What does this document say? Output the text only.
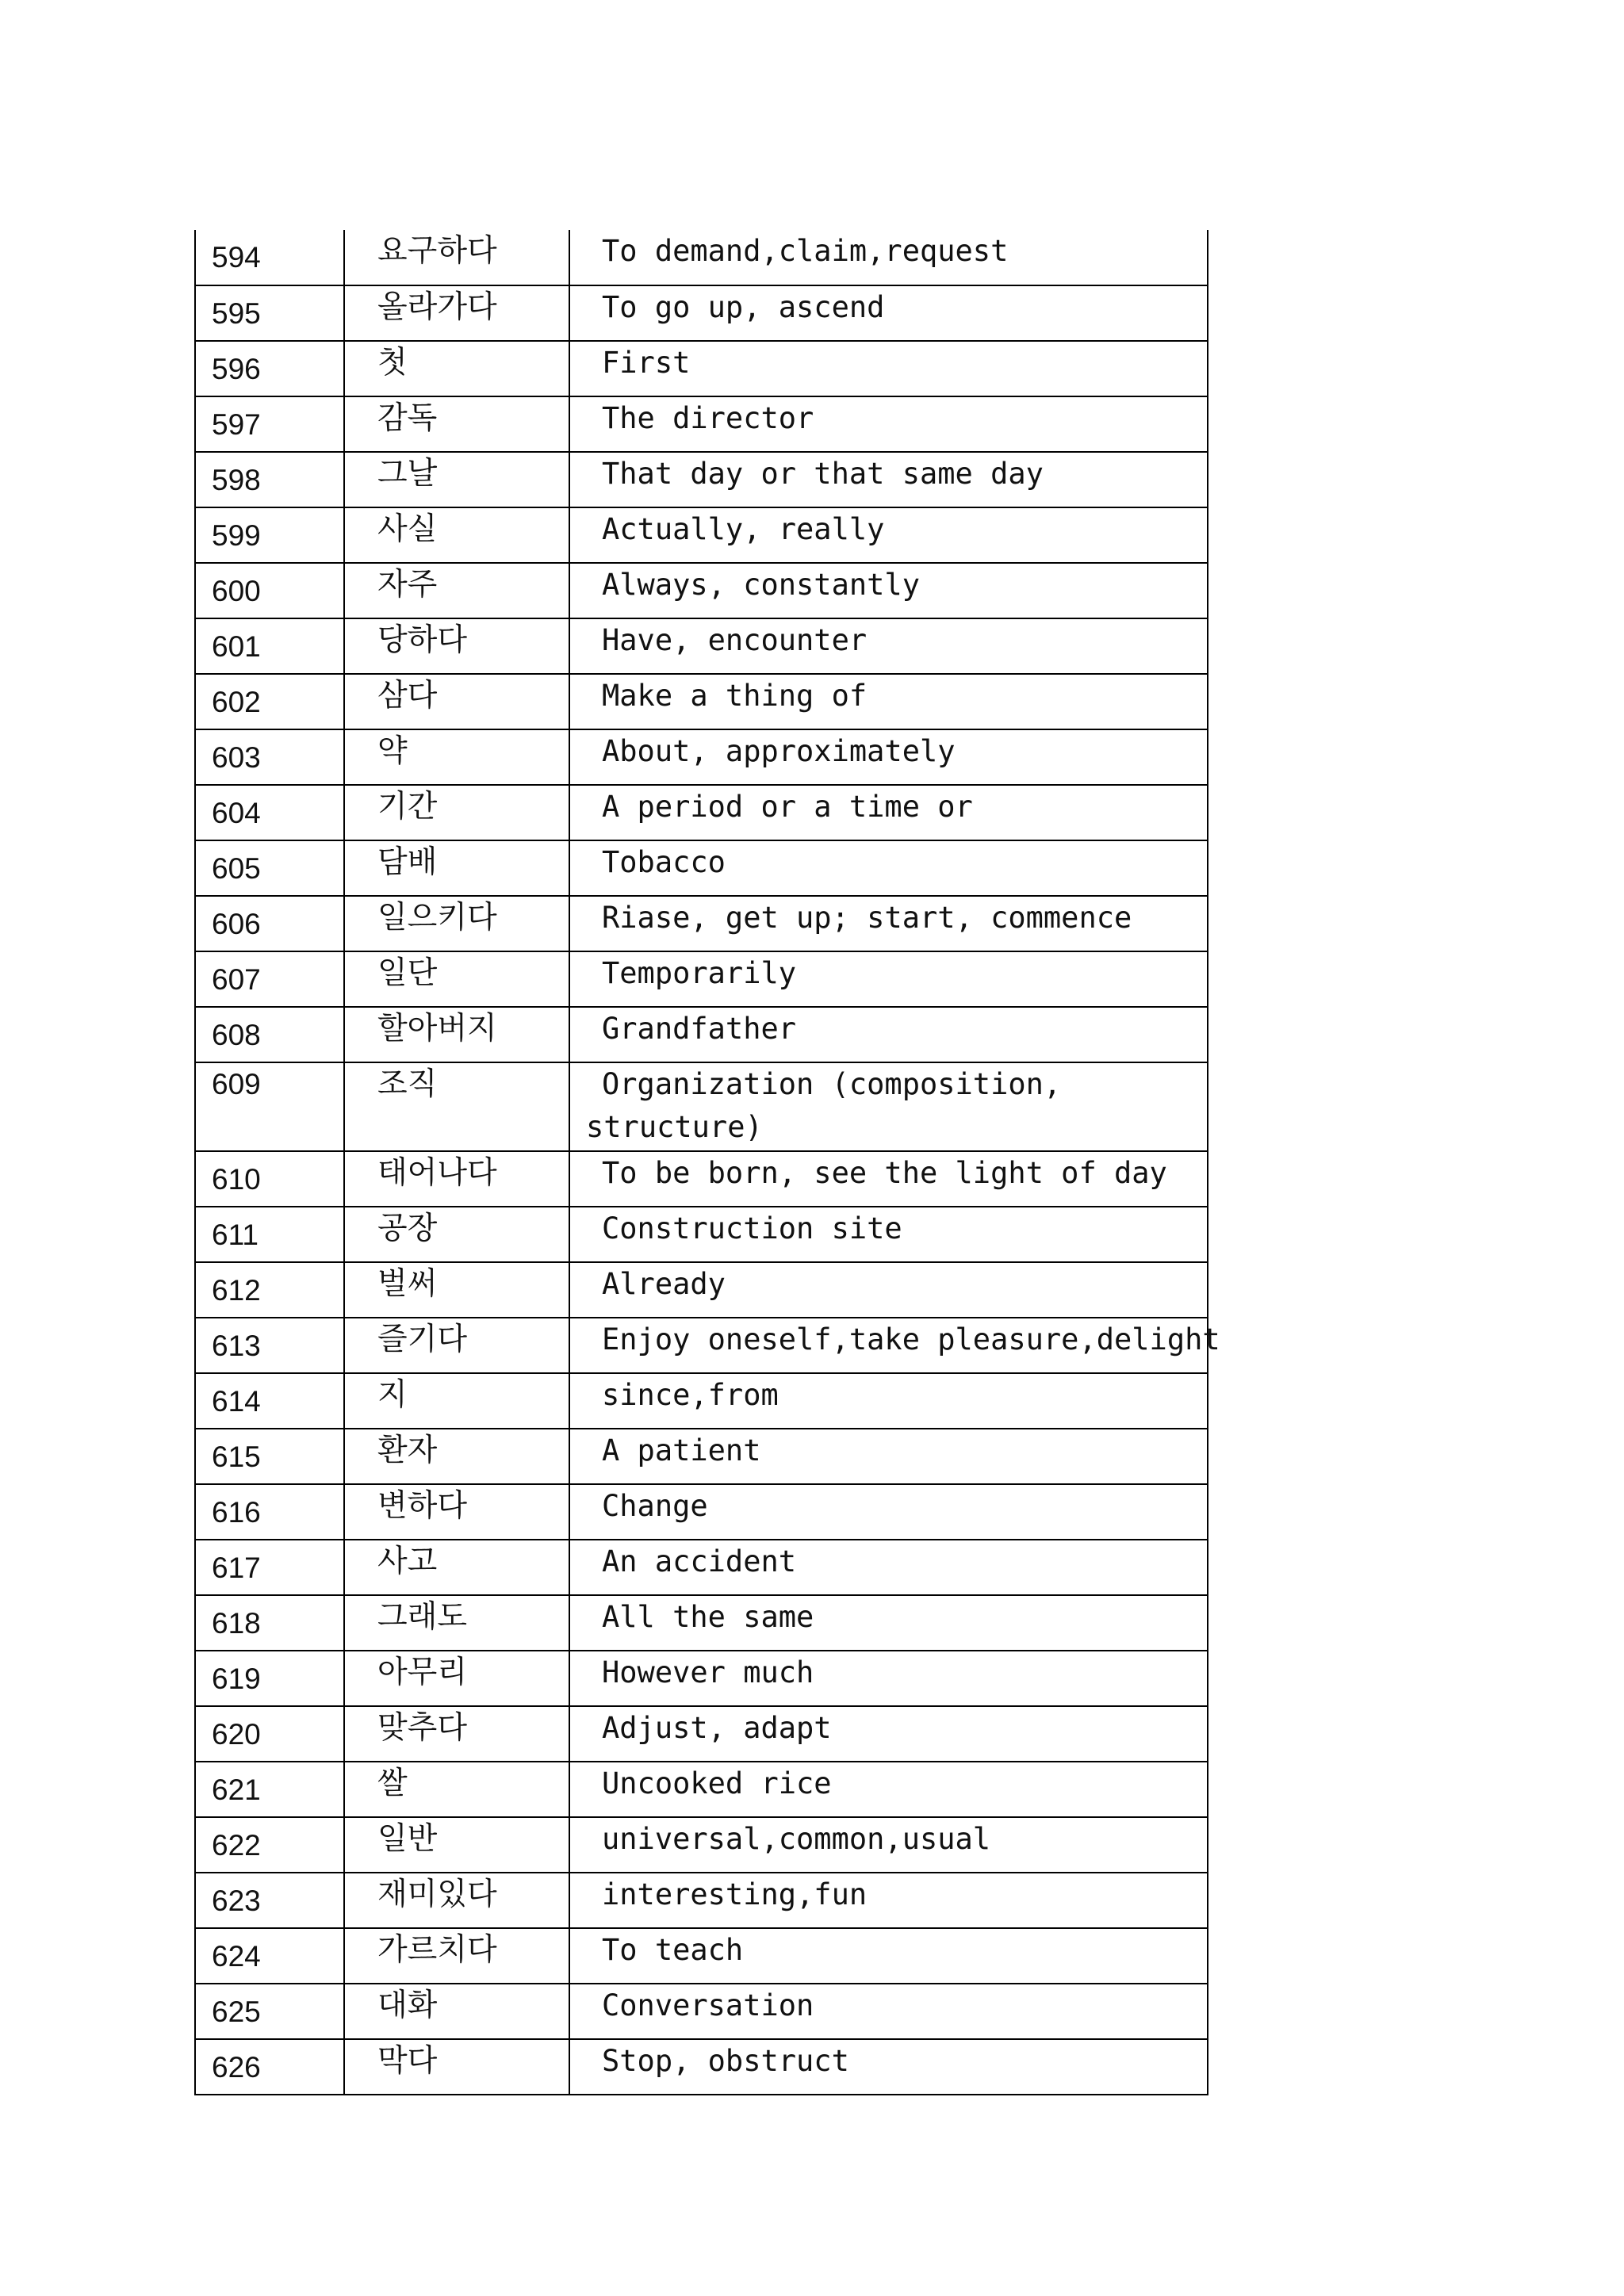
594	요구하다	To demand,claim,request
595	올라가다	To go up, ascend
596	첫	First
597	감독	The director
598	그날	That day or that same day
599	사실	Actually, really
600	자주	Always, constantly
601	당하다	Have, encounter
602	삼다	Make a thing of
603	약	About, approximately
604	기간	A period or a time or
605	담배	Tobacco
606	일으키다	Riase, get up; start, commence
607	일단	Temporarily
608	할아버지	Grandfather
609	조직	Organization (composition, structure)
610	태어나다	To be born, see the light of day
611	공장	Construction site
612	벌써	Already
613	즐기다	Enjoy oneself,take pleasure,delight
614	지	since,from
615	환자	A patient
616	변하다	Change
617	사고	An accident
618	그래도	All the same
619	아무리	However much
620	맞추다	Adjust, adapt
621	쌀	Uncooked rice
622	일반	universal,common,usual
623	재미있다	interesting,fun
624	가르치다	To teach
625	대화	Conversation
626	막다	Stop, obstruct
